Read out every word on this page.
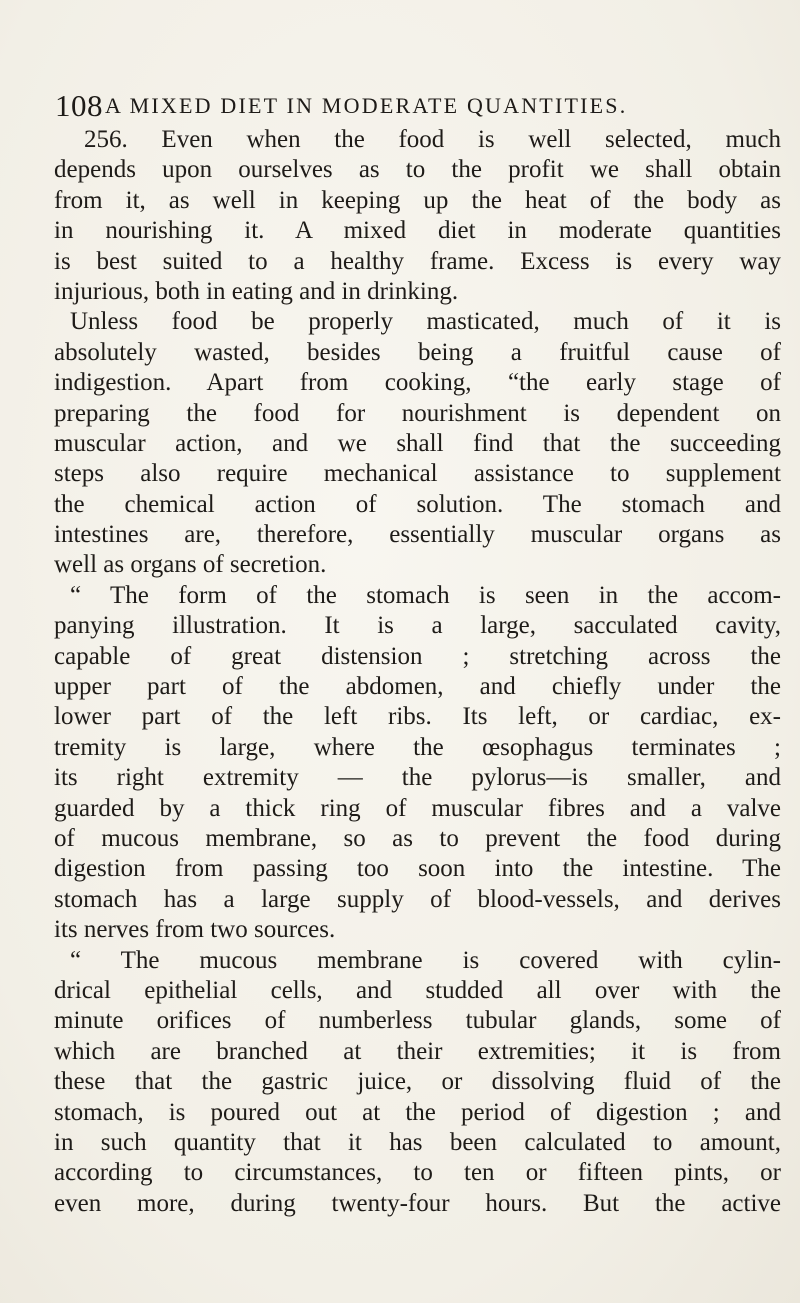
108 A MIXED DIET IN MODERATE QUANTITIES.
256. Even when the food is well selected, much
depends upon ourselves as to the profit we shall obtain
from it, as well in keeping up the heat of the body as
in nourishing it. A mixed diet in moderate quantities
is best suited to a healthy frame. Excess is every way
injurious, both in eating and in drinking.
Unless food be properly masticated, much of it is
absolutely wasted, besides being a fruitful cause of
indigestion. Apart from cooking, “the early stage of
preparing the food for nourishment is dependent on
muscular action, and we shall find that the succeeding
steps also require mechanical assistance to supplement
the chemical action of solution. The stomach and
intestines are, therefore, essentially muscular organs as
well as organs of secretion.
“ The form of the stomach is seen in the accom-
panying illustration. It is a large, sacculated cavity,
capable of great distension ; stretching across the
upper part of the abdomen, and chiefly under the
lower part of the left ribs. Its left, or cardiac, ex-
tremity is large, where the œsophagus terminates ;
its right extremity — the pylorus—is smaller, and
guarded by a thick ring of muscular fibres and a valve
of mucous membrane, so as to prevent the food during
digestion from passing too soon into the intestine. The
stomach has a large supply of blood-vessels, and derives
its nerves from two sources.
“ The mucous membrane is covered with cylin-
drical epithelial cells, and studded all over with the
minute orifices of numberless tubular glands, some of
which are branched at their extremities; it is from
these that the gastric juice, or dissolving fluid of the
stomach, is poured out at the period of digestion ; and
in such quantity that it has been calculated to amount,
according to circumstances, to ten or fifteen pints, or
even more, during twenty-four hours. But the active
